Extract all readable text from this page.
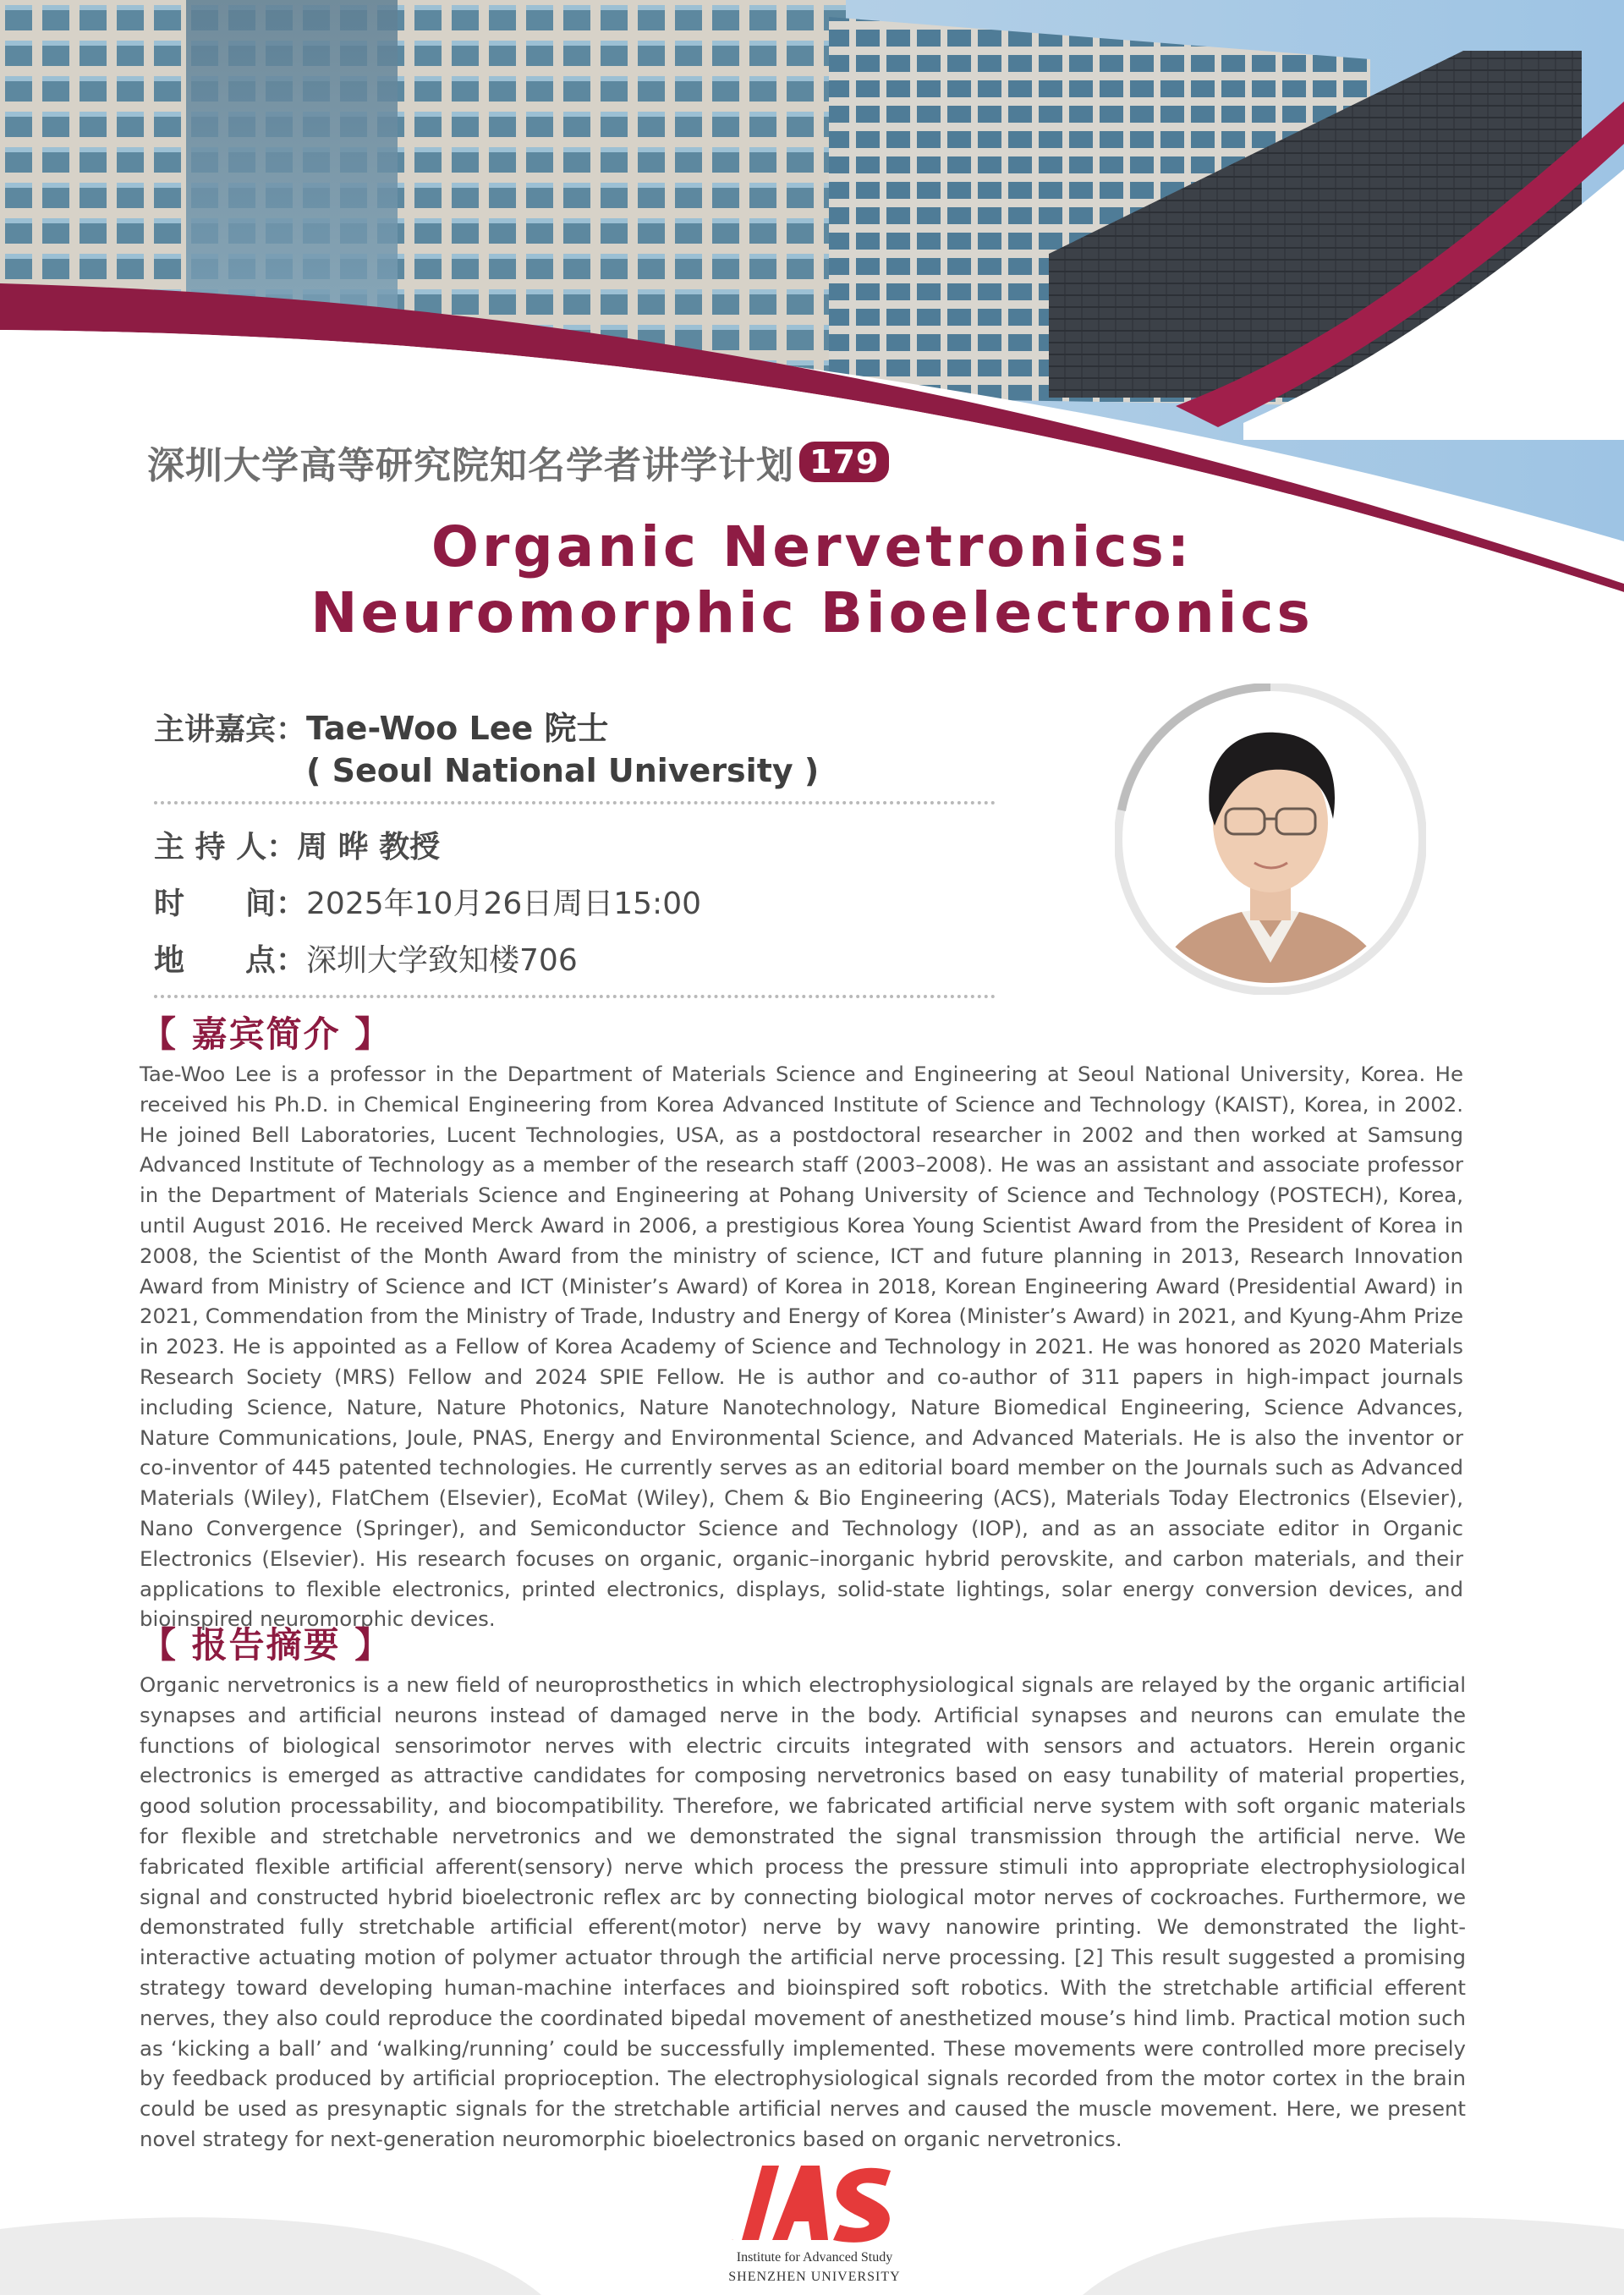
深圳大学高等研究院知名学者讲学计划 179
Organic Nervetronics:
Neuromorphic Bioelectronics
主讲嘉宾： Tae-Woo Lee 院士
( Seoul National University )
主 持 人： 周 晔 教授
时　　间： 2025年10月26日周日15:00
地　　点： 深圳大学致知楼706
【 嘉宾简介 】
Tae-Woo Lee is a professor in the Department of Materials Science and Engineering at Seoul National University, Korea. He received his Ph.D. in Chemical Engineering from Korea Advanced Institute of Science and Technology (KAIST), Korea, in 2002. He joined Bell Laboratories, Lucent Technologies, USA, as a postdoctoral researcher in 2002 and then worked at Samsung Advanced Institute of Technology as a member of the research staff (2003–2008). He was an assistant and associate professor in the Department of Materials Science and Engineering at Pohang University of Science and Technology (POSTECH), Korea, until August 2016. He received Merck Award in 2006, a prestigious Korea Young Scientist Award from the President of Korea in 2008, the Scientist of the Month Award from the ministry of science, ICT and future planning in 2013, Research Innovation Award from Ministry of Science and ICT (Minister’s Award) of Korea in 2018, Korean Engineering Award (Presidential Award) in 2021, Commendation from the Ministry of Trade, Industry and Energy of Korea (Minister’s Award) in 2021, and Kyung-Ahm Prize in 2023. He is appointed as a Fellow of Korea Academy of Science and Technology in 2021. He was honored as 2020 Materials Research Society (MRS) Fellow and 2024 SPIE Fellow. He is author and co-author of 311 papers in high-impact journals including Science, Nature, Nature Photonics, Nature Nanotechnology, Nature Biomedical Engineering, Science Advances, Nature Communications, Joule, PNAS, Energy and Environmental Science, and Advanced Materials. He is also the inventor or co-inventor of 445 patented technologies. He currently serves as an editorial board member on the Journals such as Advanced Materials (Wiley), FlatChem (Elsevier), EcoMat (Wiley), Chem & Bio Engineering (ACS), Materials Today Electronics (Elsevier), Nano Convergence (Springer), and Semiconductor Science and Technology (IOP), and as an associate editor in Organic Electronics (Elsevier). His research focuses on organic, organic–inorganic hybrid perovskite, and carbon materials, and their applications to flexible electronics, printed electronics, displays, solid-state lightings, solar energy conversion devices, and bioinspired neuromorphic devices.
【 报告摘要 】
Organic nervetronics is a new field of neuroprosthetics in which electrophysiological signals are relayed by the organic artificial synapses and artificial neurons instead of damaged nerve in the body. Artificial synapses and neurons can emulate the functions of biological sensorimotor nerves with electric circuits integrated with sensors and actuators. Herein organic electronics is emerged as attractive candidates for composing nervetronics based on easy tunability of material properties, good solution processability, and biocompatibility. Therefore, we fabricated artificial nerve system with soft organic materials for flexible and stretchable nervetronics and we demonstrated the signal transmission through the artificial nerve. We fabricated flexible artificial afferent(sensory) nerve which process the pressure stimuli into appropriate electrophysiological signal and constructed hybrid bioelectronic reflex arc by connecting biological motor nerves of cockroaches. Furthermore, we demonstrated fully stretchable artificial efferent(motor) nerve by wavy nanowire printing. We demonstrated the light-interactive actuating motion of polymer actuator through the artificial nerve processing. [2] This result suggested a promising strategy toward developing human-machine interfaces and bioinspired soft robotics. With the stretchable artificial efferent nerves, they also could reproduce the coordinated bipedal movement of anesthetized mouse’s hind limb. Practical motion such as ‘kicking a ball’ and ‘walking/running’ could be successfully implemented. These movements were controlled more precisely by feedback produced by artificial proprioception. The electrophysiological signals recorded from the motor cortex in the brain could be used as presynaptic signals for the stretchable artificial nerves and caused the muscle movement. Here, we present novel strategy for next-generation neuromorphic bioelectronics based on organic nervetronics.
IAS
Institute for Advanced Study
SHENZHEN UNIVERSITY
